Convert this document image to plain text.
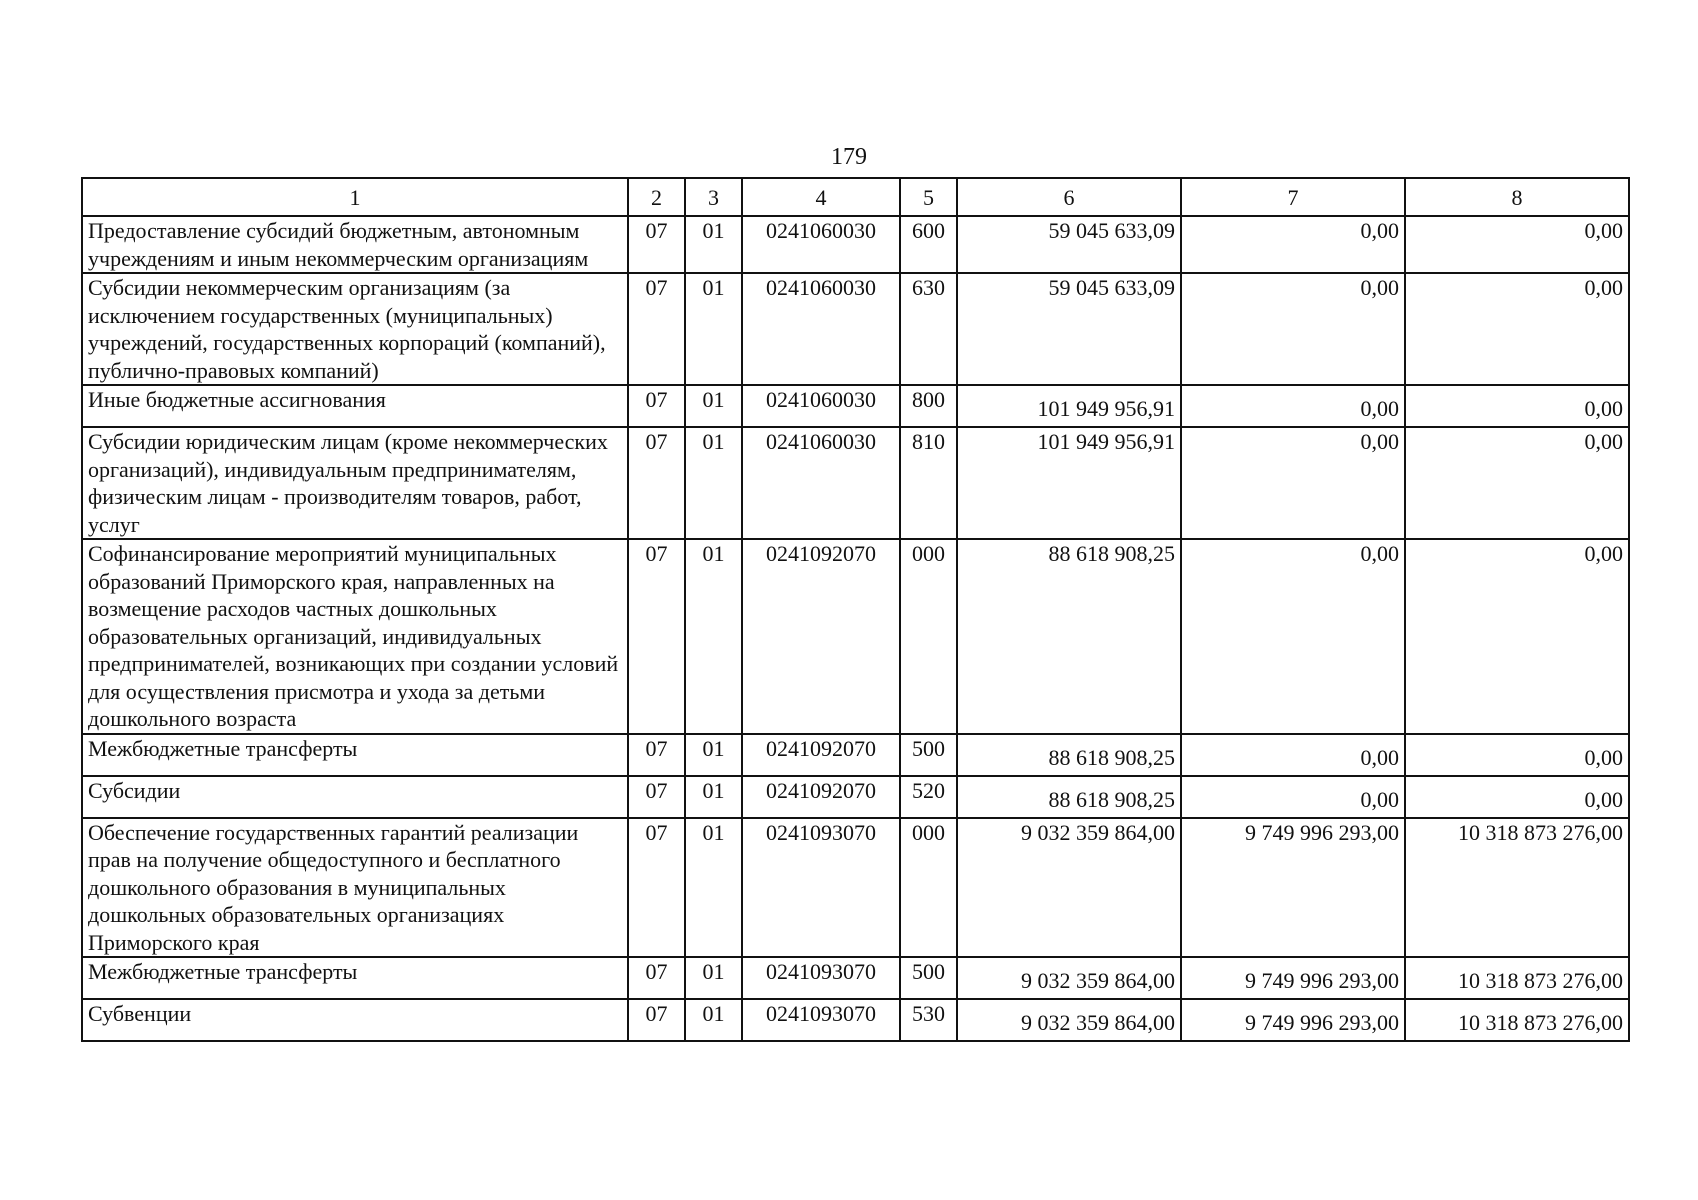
179
1	2	3	4	5	6	7	8
Предоставление субсидий бюджетным, автономным учреждениям и иным некоммерческим организациям	07	01	0241060030	600	59 045 633,09	0,00	0,00
Субсидии некоммерческим организациям (за исключением государственных (муниципальных) учреждений, государственных корпораций (компаний), публично-правовых компаний)	07	01	0241060030	630	59 045 633,09	0,00	0,00
Иные бюджетные ассигнования	07	01	0241060030	800	101 949 956,91	0,00	0,00
Субсидии юридическим лицам (кроме некоммерческих организаций), индивидуальным предпринимателям, физическим лицам - производителям товаров, работ, услуг	07	01	0241060030	810	101 949 956,91	0,00	0,00
Софинансирование мероприятий муниципальных образований Приморского края, направленных на возмещение расходов частных дошкольных образовательных организаций, индивидуальных предпринимателей, возникающих при создании условий для осуществления присмотра и ухода за детьми дошкольного возраста	07	01	0241092070	000	88 618 908,25	0,00	0,00
Межбюджетные трансферты	07	01	0241092070	500	88 618 908,25	0,00	0,00
Субсидии	07	01	0241092070	520	88 618 908,25	0,00	0,00
Обеспечение государственных гарантий реализации прав на получение общедоступного и бесплатного дошкольного образования в муниципальных дошкольных образовательных организациях Приморского края	07	01	0241093070	000	9 032 359 864,00	9 749 996 293,00	10 318 873 276,00
Межбюджетные трансферты	07	01	0241093070	500	9 032 359 864,00	9 749 996 293,00	10 318 873 276,00
Субвенции	07	01	0241093070	530	9 032 359 864,00	9 749 996 293,00	10 318 873 276,00
